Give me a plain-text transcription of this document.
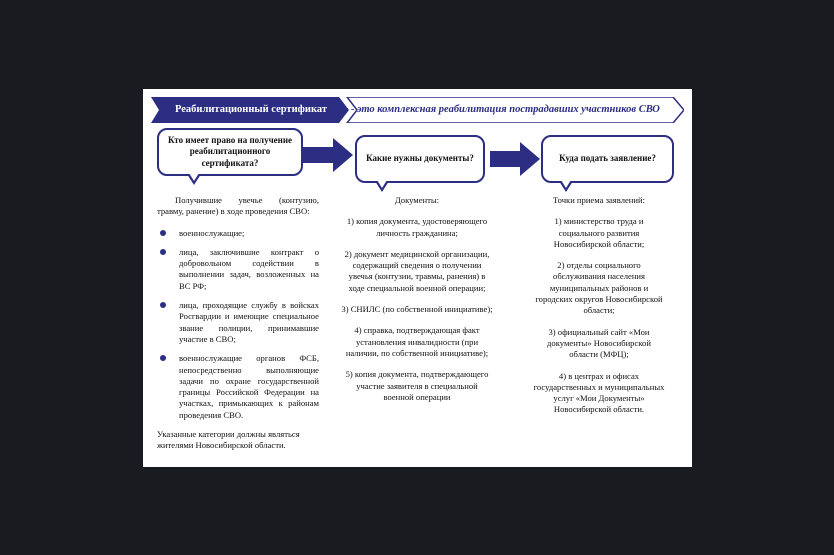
Реабилитационный сертификат	- это комплексная реабилитация пострадавших участников СВО
Кто имеет право на получение реабилитационного сертификата?	Какие нужны документы?	Куда подать заявление?

Получившие увечье (контузию, травму, ранение) в ходе проведения СВО:

военнослужащие;
лица, заключившие контракт о добровольном содействии в выполнении задач, возложенных на ВС РФ;
лица, проходящие службу в войсках Росгвардии и имеющие специальное звание полиции, принимавшие участие в СВО;
военнослужащие органов ФСБ, непосредственно выполняющие задачи по охране государственной границы Российской Федерации на участках, примыкающих к районам проведения СВО.
Указанные категории должны являться жителями Новосибирской области.

Документы:

1) копия документа, удостоверяющего личность гражданина;

2) документ медицинской организации, содержащий сведения о получении увечья (контузии, травмы, ранения) в ходе специальной военной операции;

3) СНИЛС (по собственной инициативе);

4) справка, подтверждающая факт установления инвалидности (при наличии, по собственной инициативе);

5) копия документа, подтверждающего участие заявителя в специальной военной операции

Точки приема заявлений:

1) министерство труда и социального развития Новосибирской области;

2) отделы социального обслуживания населения муниципальных районов и городских округов Новосибирской области;

3) официальный сайт «Мои документы» Новосибирской области (МФЦ);

4) в центрах и офисах государственных и муниципальных услуг «Мои Документы» Новосибирской области.
